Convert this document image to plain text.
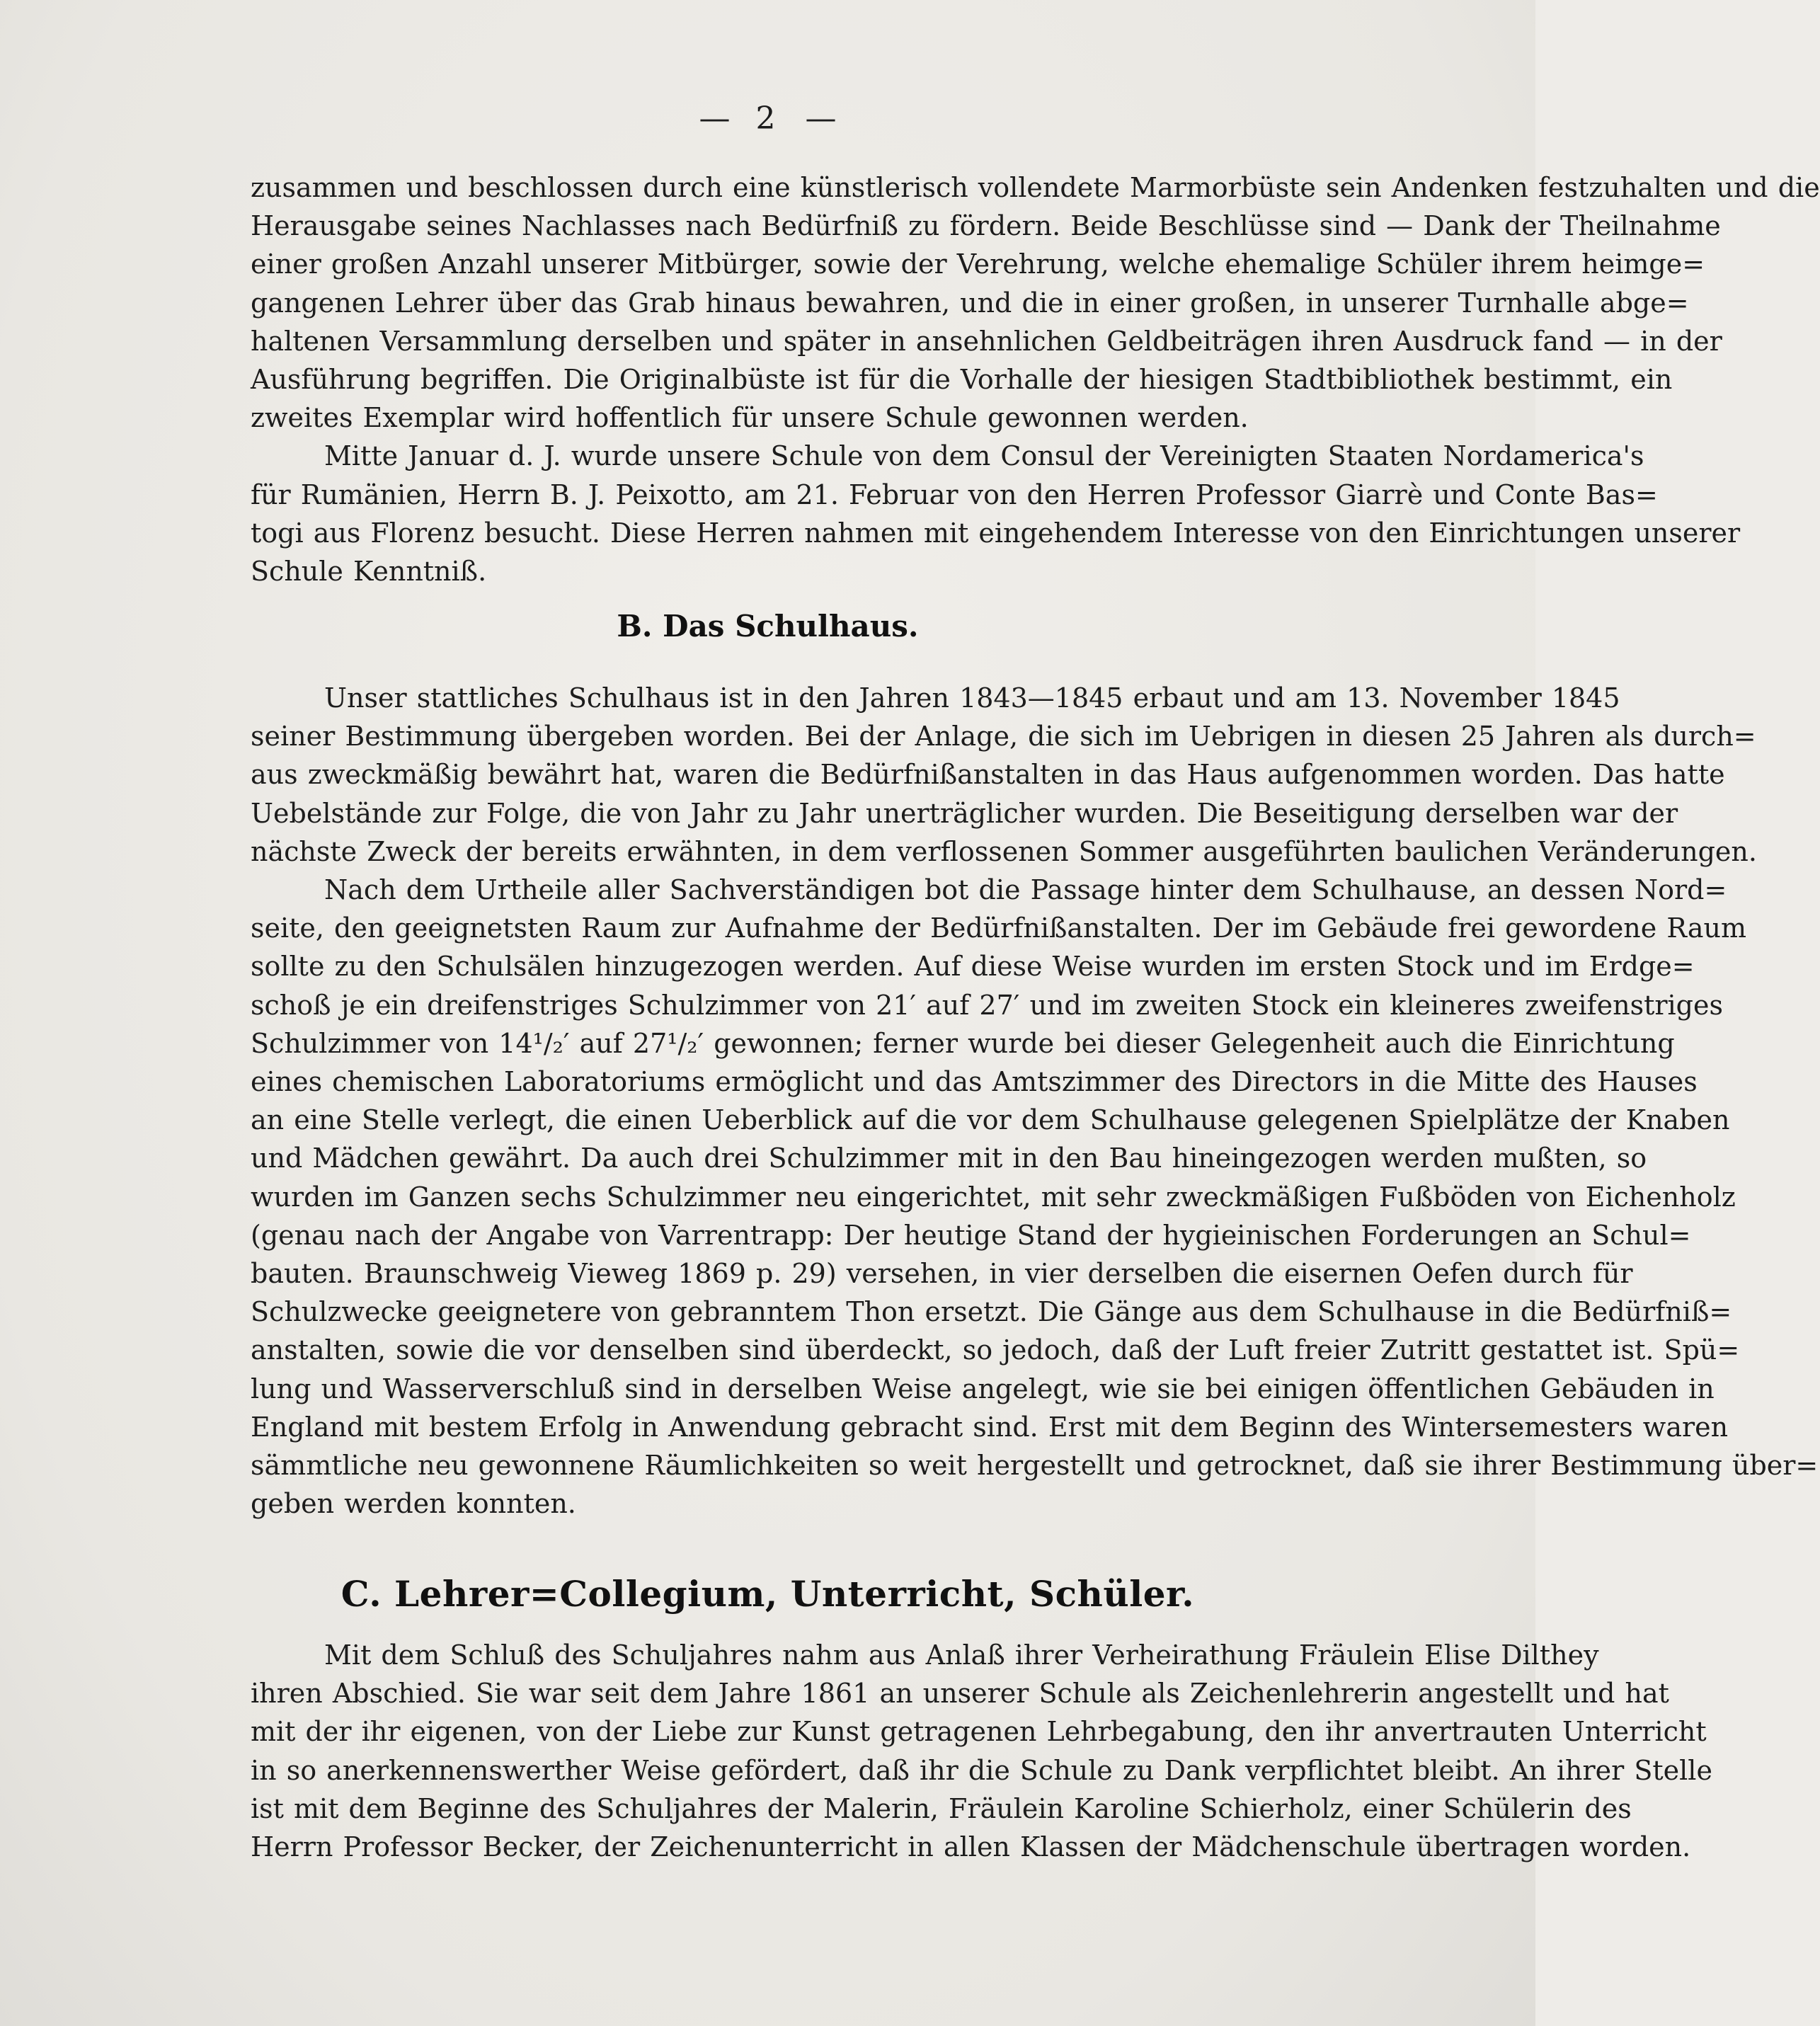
— 2 —
zusammen und beschlossen durch eine künstlerisch vollendete Marmorbüste sein Andenken festzuhalten und die
Herausgabe seines Nachlasses nach Bedürfniß zu fördern. Beide Beschlüsse sind — Dank der Theilnahme
einer großen Anzahl unserer Mitbürger, sowie der Verehrung, welche ehemalige Schüler ihrem heimge=
gangenen Lehrer über das Grab hinaus bewahren, und die in einer großen, in unserer Turnhalle abge=
haltenen Versammlung derselben und später in ansehnlichen Geldbeiträgen ihren Ausdruck fand — in der
Ausführung begriffen. Die Originalbüste ist für die Vorhalle der hiesigen Stadtbibliothek bestimmt, ein
zweites Exemplar wird hoffentlich für unsere Schule gewonnen werden.
Mitte Januar d. J. wurde unsere Schule von dem Consul der Vereinigten Staaten Nordamerica's
für Rumänien, Herrn B. J. Peixotto, am 21. Februar von den Herren Professor Giarrè und Conte Bas=
togi aus Florenz besucht. Diese Herren nahmen mit eingehendem Interesse von den Einrichtungen unserer
Schule Kenntniß.
B. Das Schulhaus.
Unser stattliches Schulhaus ist in den Jahren 1843—1845 erbaut und am 13. November 1845
seiner Bestimmung übergeben worden. Bei der Anlage, die sich im Uebrigen in diesen 25 Jahren als durch=
aus zweckmäßig bewährt hat, waren die Bedürfnißanstalten in das Haus aufgenommen worden. Das hatte
Uebelstände zur Folge, die von Jahr zu Jahr unerträglicher wurden. Die Beseitigung derselben war der
nächste Zweck der bereits erwähnten, in dem verflossenen Sommer ausgeführten baulichen Veränderungen.
Nach dem Urtheile aller Sachverständigen bot die Passage hinter dem Schulhause, an dessen Nord=
seite, den geeignetsten Raum zur Aufnahme der Bedürfnißanstalten. Der im Gebäude frei gewordene Raum
sollte zu den Schulsälen hinzugezogen werden. Auf diese Weise wurden im ersten Stock und im Erdge=
schoß je ein dreifenstriges Schulzimmer von 21′ auf 27′ und im zweiten Stock ein kleineres zweifenstriges
Schulzimmer von 14¹/₂′ auf 27¹/₂′ gewonnen; ferner wurde bei dieser Gelegenheit auch die Einrichtung
eines chemischen Laboratoriums ermöglicht und das Amtszimmer des Directors in die Mitte des Hauses
an eine Stelle verlegt, die einen Ueberblick auf die vor dem Schulhause gelegenen Spielplätze der Knaben
und Mädchen gewährt. Da auch drei Schulzimmer mit in den Bau hineingezogen werden mußten, so
wurden im Ganzen sechs Schulzimmer neu eingerichtet, mit sehr zweckmäßigen Fußböden von Eichenholz
(genau nach der Angabe von Varrentrapp: Der heutige Stand der hygieinischen Forderungen an Schul=
bauten. Braunschweig Vieweg 1869 p. 29) versehen, in vier derselben die eisernen Oefen durch für
Schulzwecke geeignetere von gebranntem Thon ersetzt. Die Gänge aus dem Schulhause in die Bedürfniß=
anstalten, sowie die vor denselben sind überdeckt, so jedoch, daß der Luft freier Zutritt gestattet ist. Spü=
lung und Wasserverschluß sind in derselben Weise angelegt, wie sie bei einigen öffentlichen Gebäuden in
England mit bestem Erfolg in Anwendung gebracht sind. Erst mit dem Beginn des Wintersemesters waren
sämmtliche neu gewonnene Räumlichkeiten so weit hergestellt und getrocknet, daß sie ihrer Bestimmung über=
geben werden konnten.
C. Lehrer=Collegium, Unterricht, Schüler.
Mit dem Schluß des Schuljahres nahm aus Anlaß ihrer Verheirathung Fräulein Elise Dilthey
ihren Abschied. Sie war seit dem Jahre 1861 an unserer Schule als Zeichenlehrerin angestellt und hat
mit der ihr eigenen, von der Liebe zur Kunst getragenen Lehrbegabung, den ihr anvertrauten Unterricht
in so anerkennenswerther Weise gefördert, daß ihr die Schule zu Dank verpflichtet bleibt. An ihrer Stelle
ist mit dem Beginne des Schuljahres der Malerin, Fräulein Karoline Schierholz, einer Schülerin des
Herrn Professor Becker, der Zeichenunterricht in allen Klassen der Mädchenschule übertragen worden.
